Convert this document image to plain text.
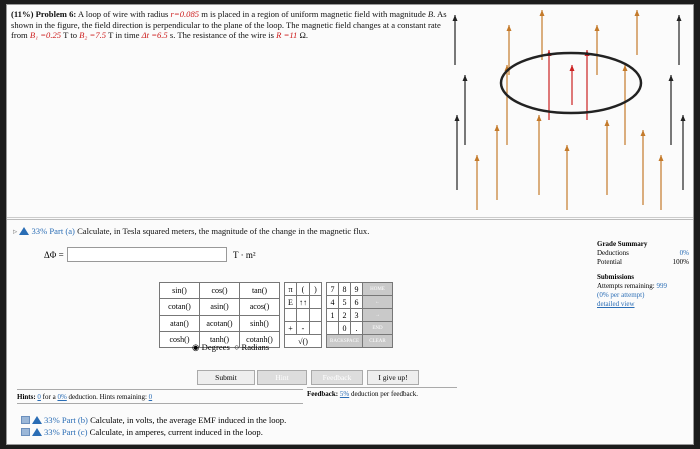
(11%) Problem 6: A loop of wire with radius r=0.085 m is placed in a region of uniform magnetic field with magnitude B. As shown in the figure, the field direction is perpendicular to the plane of the loop. The magnetic field changes at a constant rate from B₁ =0.25 T to B₂ =7.5 T in time Δt =6.5 s. The resistance of the wire is R =11 Ω.
▹ 33% Part (a) Calculate, in Tesla squared meters, the magnitude of the change in the magnetic flux.
ΔΦ =	T · m²
Grade Summary
Deductions	0%
Potential	100%
Submissions
Attempts remaining: 999
(0% per attempt)
detailed view
sin()	cos()	tan()
cotan()	asin()	acos()
atan()	acotan()	sinh()
cosh()	tanh()	cotanh()
π	(	)
E	↑↑	

+	-	
√()		
7	8	9	HOME
4	5	6	←
1	2	3	→
	0	.	END
BACKSPACE			CLEAR
◉ Degrees ○ Radians
Submit	Hint	Feedback	I give up!
Hints: 0 for a 0% deduction. Hints remaining: 0	Feedback: 5% deduction per feedback.
33% Part (b) Calculate, in volts, the average EMF induced in the loop.
33% Part (c) Calculate, in amperes, current induced in the loop.
